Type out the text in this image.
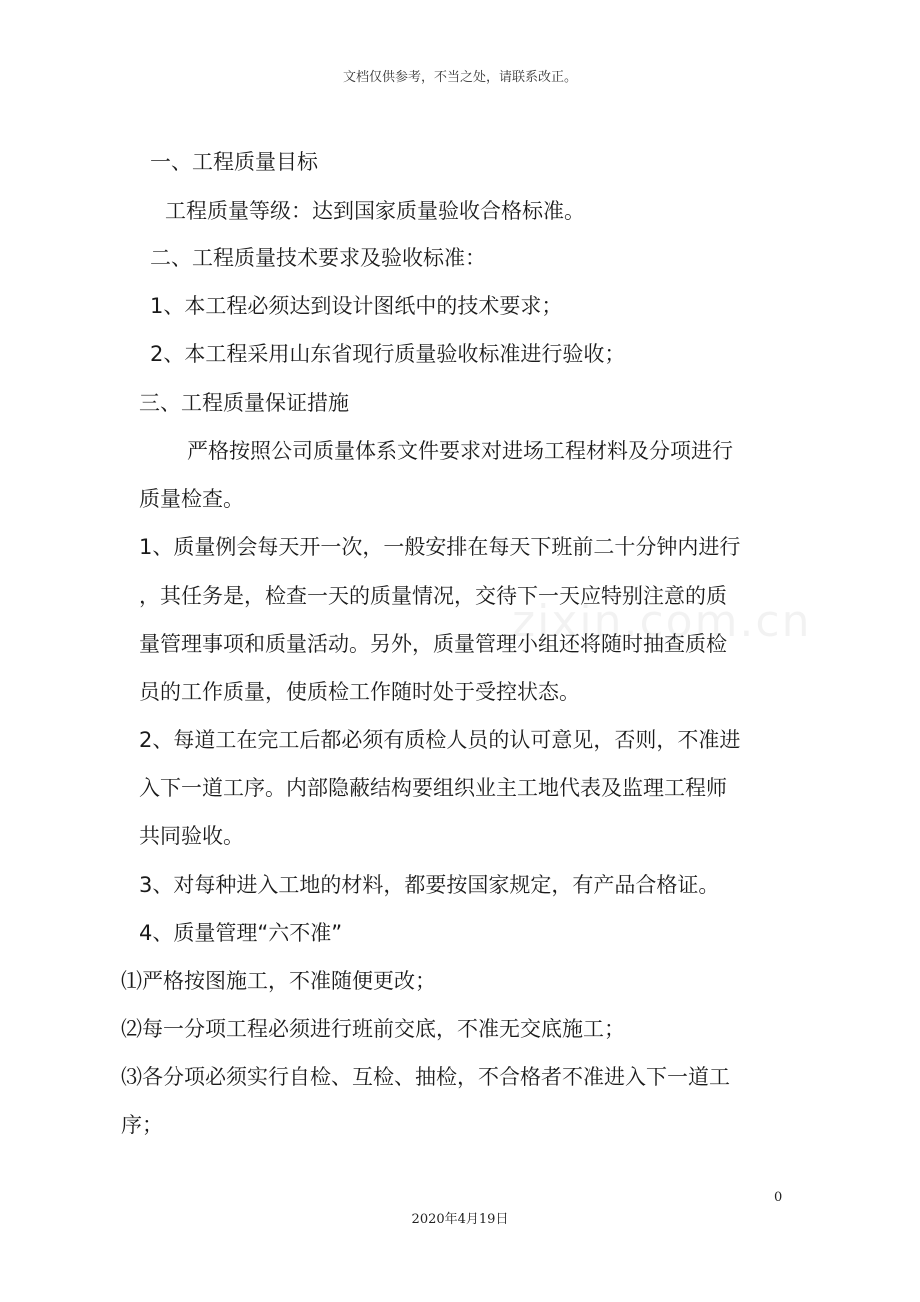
文档仅供参考，不当之处，请联系改正。
zixin.com.cn
一、工程质量目标
工程质量等级：达到国家质量验收合格标准。
二、工程质量技术要求及验收标准：
1、本工程必须达到设计图纸中的技术要求；
2、本工程采用山东省现行质量验收标准进行验收；
三、工程质量保证措施
严格按照公司质量体系文件要求对进场工程材料及分项进行
质量检查。
1、质量例会每天开一次，一般安排在每天下班前二十分钟内进行
，其任务是，检查一天的质量情况，交待下一天应特别注意的质
量管理事项和质量活动。另外，质量管理小组还将随时抽查质检
员的工作质量，使质检工作随时处于受控状态。
2、每道工在完工后都必须有质检人员的认可意见，否则，不准进
入下一道工序。内部隐蔽结构要组织业主工地代表及监理工程师
共同验收。
3、对每种进入工地的材料，都要按国家规定，有产品合格证。
4、质量管理“六不准”
⑴严格按图施工，不准随便更改；
⑵每一分项工程必须进行班前交底，不准无交底施工；
⑶各分项必须实行自检、互检、抽检，不合格者不准进入下一道工
序；
0
2020年4月19日
